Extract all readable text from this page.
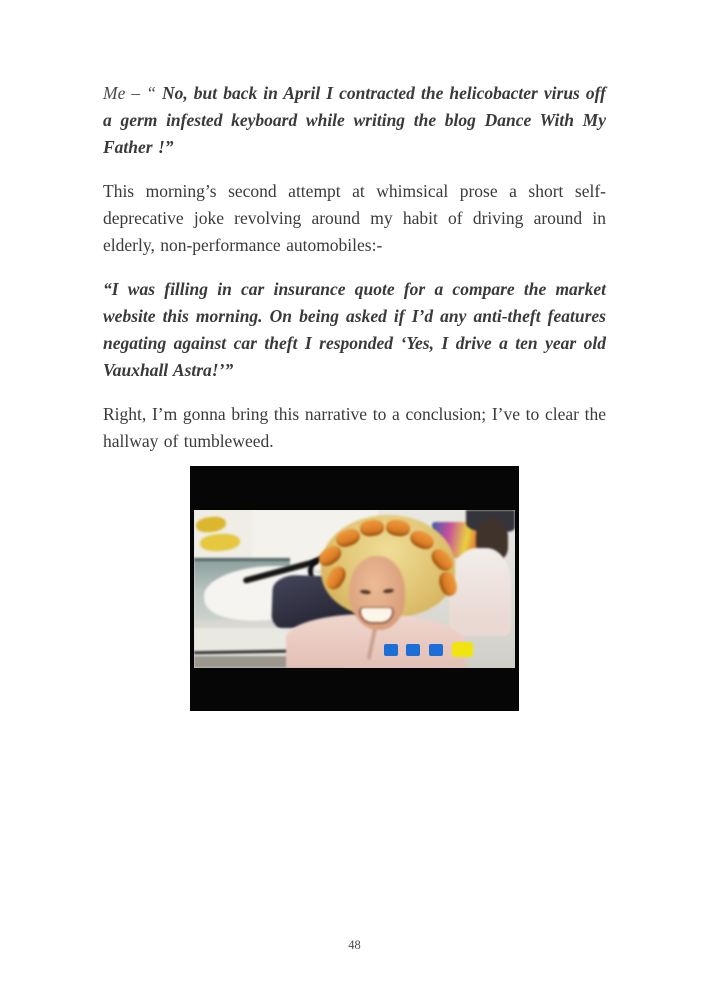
Me – “ No, but back in April I contracted the helicobacter virus off a germ infested keyboard while writing the blog Dance With My Father !”

This morning’s second attempt at whimsical prose a short self-deprecative joke revolving around my habit of driving around in elderly, non-performance automobiles:-

“I was filling in car insurance quote for a compare the market website this morning. On being asked if I’d any anti-theft features negating against car theft I responded ‘Yes, I drive a ten year old Vauxhall Astra!’”

Right, I’m gonna bring this narrative to a conclusion; I’ve to clear the hallway of tumbleweed.

48
